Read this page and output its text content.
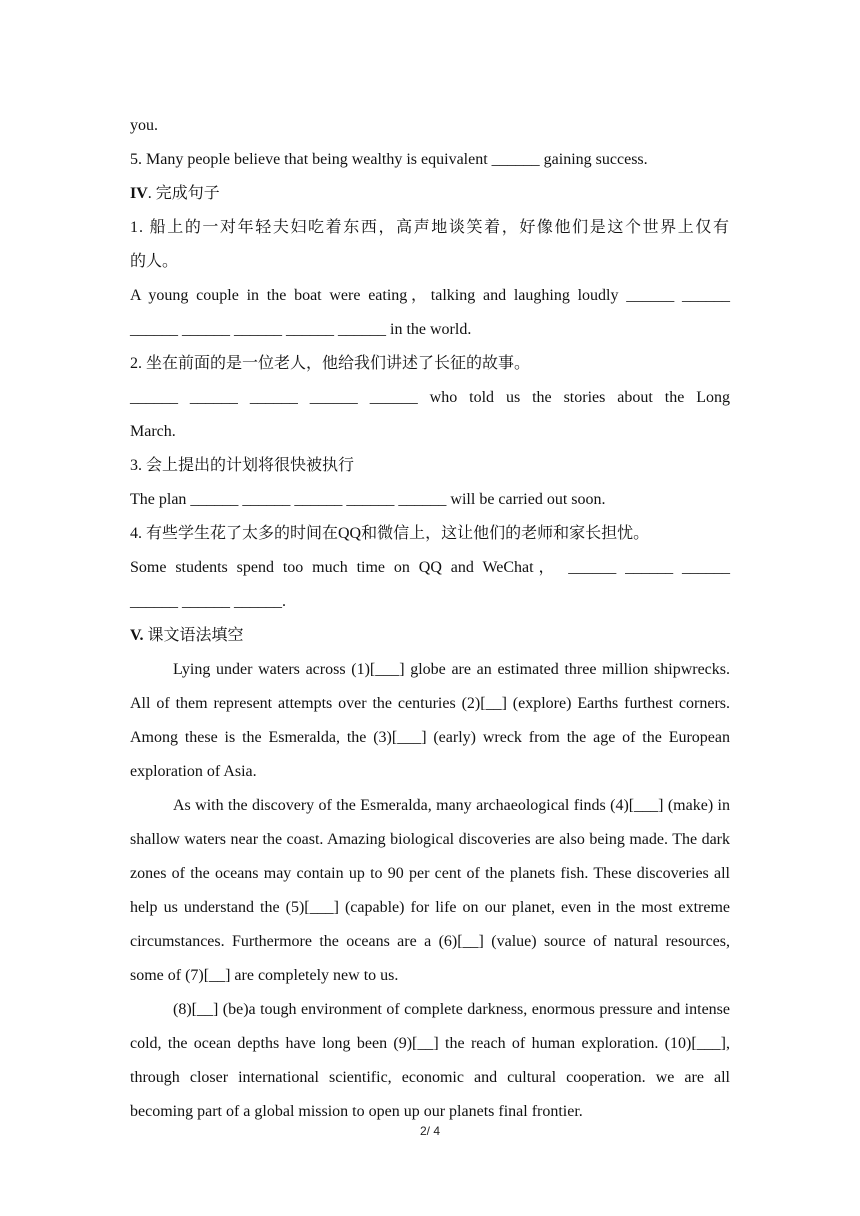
you.
5. Many people believe that being wealthy is equivalent ______ gaining success.
IV. 完成句子
1. 船上的一对年轻夫妇吃着东西，高声地谈笑着，好像他们是这个世界上仅有
的人。
A young couple in the boat were eating，talking and laughing loudly ______ ______
______ ______ ______ ______ ______ in the world.
2. 坐在前面的是一位老人，他给我们讲述了长征的故事。
______ ______ ______ ______ ______ who told us the stories about the Long
March.
3. 会上提出的计划将很快被执行
The plan ______ ______ ______ ______ ______ will be carried out soon.
4. 有些学生花了太多的时间在QQ和微信上，这让他们的老师和家长担忧。
Some students spend too much time on QQ and WeChat， ______ ______ ______
______ ______ ______.
V. 课文语法填空
Lying under waters across (1)[___] globe are an estimated three million shipwrecks. All of them represent attempts over the centuries (2)[__] (explore) Earths furthest corners. Among these is the Esmeralda, the (3)[___] (early) wreck from the age of the European exploration of Asia.
As with the discovery of the Esmeralda, many archaeological finds (4)[___] (make) in shallow waters near the coast. Amazing biological discoveries are also being made. The dark zones of the oceans may contain up to 90 per cent of the planets fish. These discoveries all help us understand the (5)[___] (capable) for life on our planet, even in the most extreme circumstances. Furthermore the oceans are a (6)[__] (value) source of natural resources, some of (7)[__] are completely new to us.
(8)[__] (be)a tough environment of complete darkness, enormous pressure and intense cold, the ocean depths have long been (9)[__] the reach of human exploration. (10)[___], through closer international scientific, economic and cultural cooperation. we are all becoming part of a global mission to open up our planets final frontier.
2/ 4
